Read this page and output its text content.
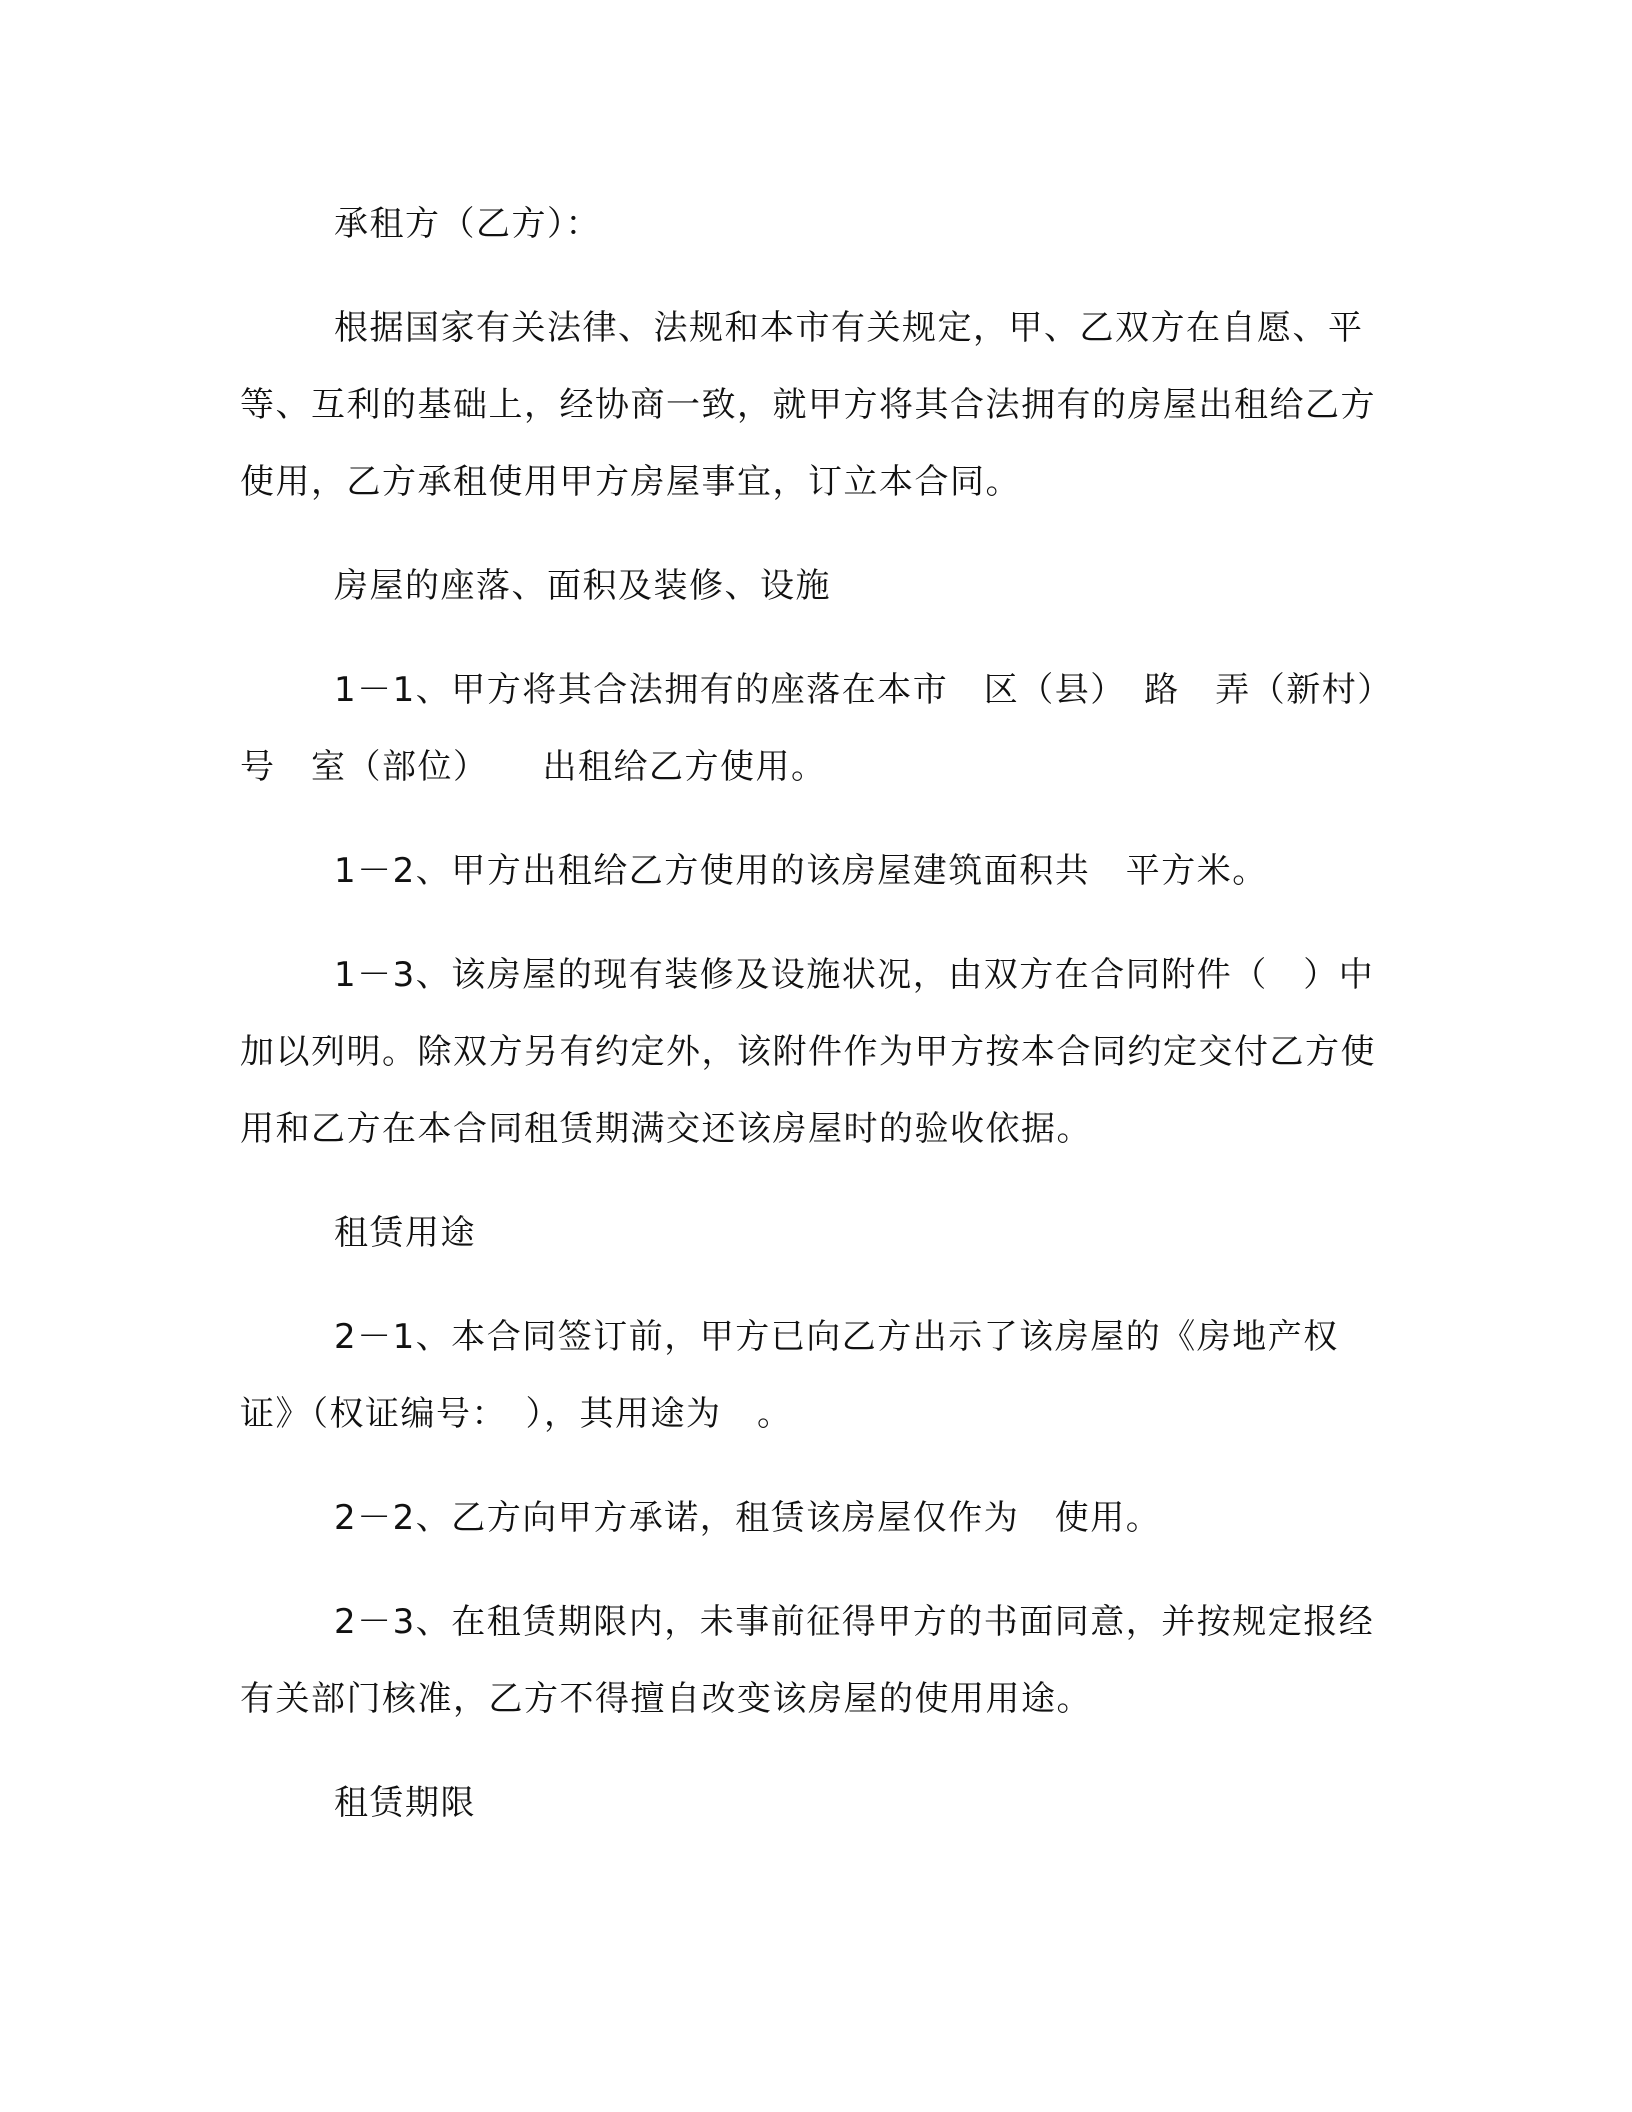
承租方（乙方）：

根据国家有关法律、法规和本市有关规定，甲、乙双方在自愿、平等、互利的基础上，经协商一致，就甲方将其合法拥有的房屋出租给乙方使用，乙方承租使用甲方房屋事宜，订立本合同。

房屋的座落、面积及装修、设施

1－1、甲方将其合法拥有的座落在本市　区（县）　路　弄（新村）　号　室（部位）　　出租给乙方使用。

1－2、甲方出租给乙方使用的该房屋建筑面积共　平方米。

1－3、该房屋的现有装修及设施状况，由双方在合同附件（　）中加以列明。除双方另有约定外，该附件作为甲方按本合同约定交付乙方使用和乙方在本合同租赁期满交还该房屋时的验收依据。

租赁用途

2－1、本合同签订前，甲方已向乙方出示了该房屋的《房地产权证》（权证编号：　），其用途为　。

2－2、乙方向甲方承诺，租赁该房屋仅作为　使用。

2－3、在租赁期限内，未事前征得甲方的书面同意，并按规定报经有关部门核准，乙方不得擅自改变该房屋的使用用途。

租赁期限
